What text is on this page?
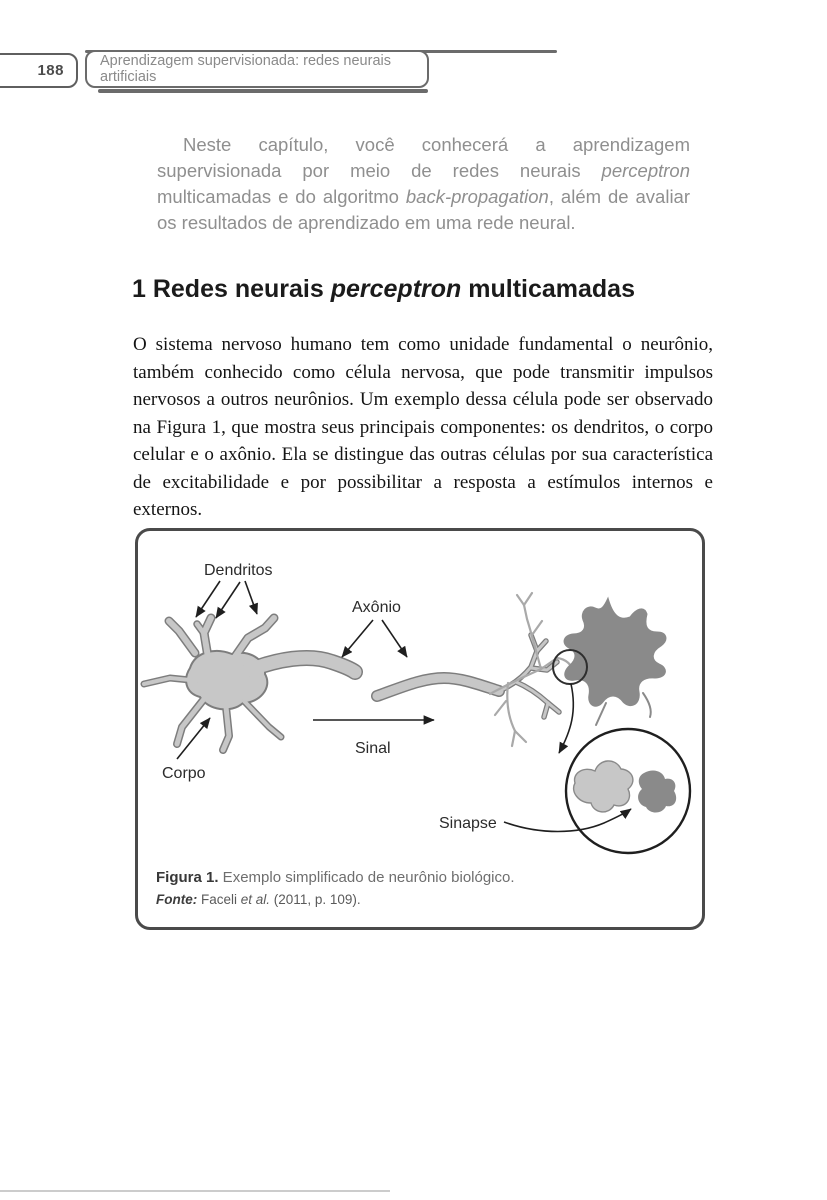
188
Aprendizagem supervisionada: redes neurais artificiais

Neste capítulo, você conhecerá a aprendizagem supervisionada por meio de redes neurais perceptron multicamadas e do algoritmo back-propagation, além de avaliar os resultados de aprendizado em uma rede neural.

1 Redes neurais perceptron multicamadas

O sistema nervoso humano tem como unidade fundamental o neurônio, também conhecido como célula nervosa, que pode transmitir impulsos nervosos a outros neurônios. Um exemplo dessa célula pode ser observado na Figura 1, que mostra seus principais componentes: os dendritos, o corpo celular e o axônio. Ela se distingue das outras células por sua característica de excitabilidade e por possibilitar a resposta a estímulos internos e externos.

Dendritos
Axônio
Sinal
Corpo
Sinapse
Figura 1. Exemplo simplificado de neurônio biológico.
Fonte: Faceli et al. (2011, p. 109).
